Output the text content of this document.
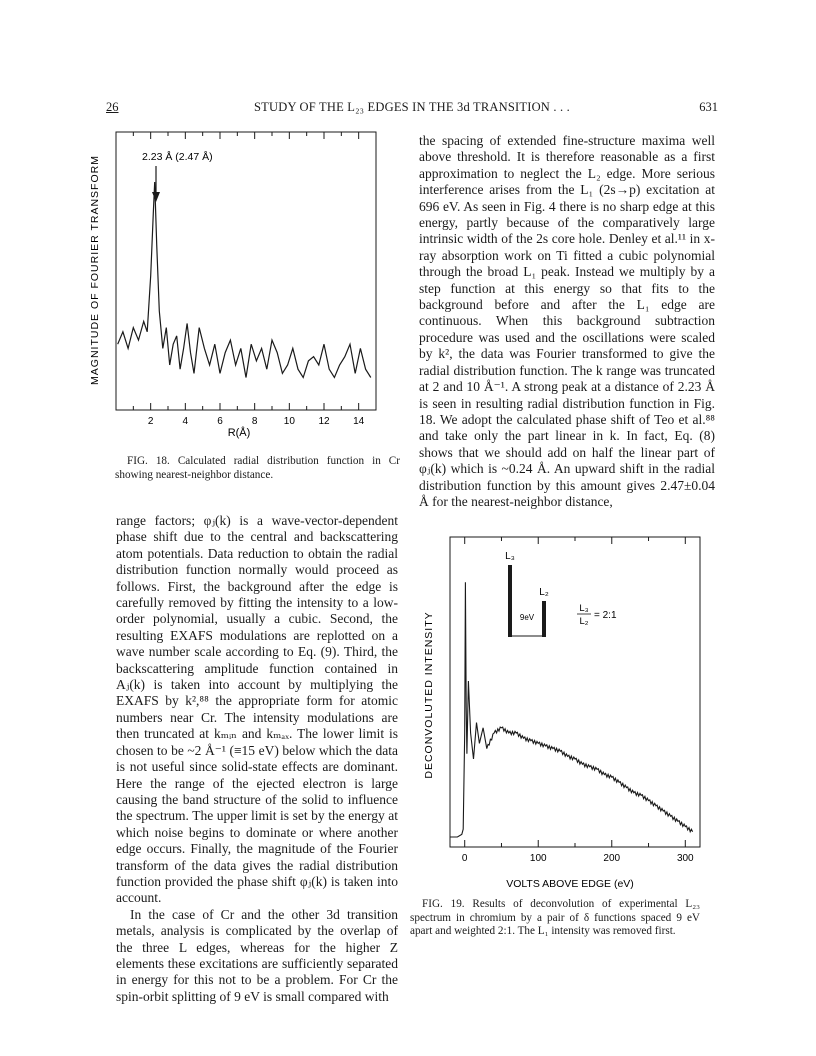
26	STUDY OF THE L₂₃ EDGES IN THE 3d TRANSITION . . .	631
MAGNITUDE OF FOURIER TRANSFORM
R(Å)
2.23 Å (2.47 Å)
2	4	6	8	10 12 14
FIG. 18. Calculated radial distribution function in Cr showing nearest-neighbor distance.

range factors; φⱼ(k) is a wave-vector-dependent phase shift due to the central and backscattering atom potentials. Data reduction to obtain the radial distribution function normally would proceed as follows. First, the background after the edge is carefully removed by fitting the intensity to a low-order polynomial, usually a cubic. Second, the resulting EXAFS modulations are replotted on a wave number scale according to Eq. (9). Third, the backscattering amplitude function contained in Aⱼ(k) is taken into account by multiplying the EXAFS by k²,⁸⁸ the appropriate form for atomic numbers near Cr. The intensity modulations are then truncated at kₘᵢₙ and kₘₐₓ. The lower limit is chosen to be ~2 Å⁻¹ (≡15 eV) below which the data is not useful since solid-state effects are dominant. Here the range of the ejected electron is large causing the band structure of the solid to influence the spectrum. The upper limit is set by the energy at which noise begins to dominate or where another edge occurs. Finally, the magnitude of the Fourier transform of the data gives the radial distribution function provided the phase shift φⱼ(k) is taken into account.

In the case of Cr and the other 3d transition metals, analysis is complicated by the overlap of the three L edges, whereas for the higher Z elements these excitations are sufficiently separated in energy for this not to be a problem. For Cr the spin-orbit splitting of 9 eV is small compared with

the spacing of extended fine-structure maxima well above threshold. It is therefore reasonable as a first approximation to neglect the L₂ edge. More serious interference arises from the L₁ (2s→p) excitation at 696 eV. As seen in Fig. 4 there is no sharp edge at this energy, partly because of the comparatively large intrinsic width of the 2s core hole. Denley et al.¹¹ in x-ray absorption work on Ti fitted a cubic polynomial through the broad L₁ peak. Instead we multiply by a step function at this energy so that fits to the background before and after the L₁ edge are continuous. When this background subtraction procedure was used and the oscillations were scaled by k², the data was Fourier transformed to give the radial distribution function. The k range was truncated at 2 and 10 Å⁻¹. A strong peak at a distance of 2.23 Å is seen in resulting radial distribution function in Fig. 18. We adopt the calculated phase shift of Teo et al.⁸⁸ and take only the part linear in k. In fact, Eq. (8) shows that we should add on half the linear part of φⱼ(k) which is ~0.24 Å. An upward shift in the radial distribution function by this amount gives 2.47±0.04 Å for the nearest-neighbor distance,

DECONVOLUTED INTENSITY
VOLTS ABOVE EDGE (eV)
0	100	200	300
L₃
L₂
9eV
L₃
L₂
= 2:1
FIG. 19. Results of deconvolution of experimental L₂₃ spectrum in chromium by a pair of δ functions spaced 9 eV apart and weighted 2:1. The L₁ intensity was removed first.
